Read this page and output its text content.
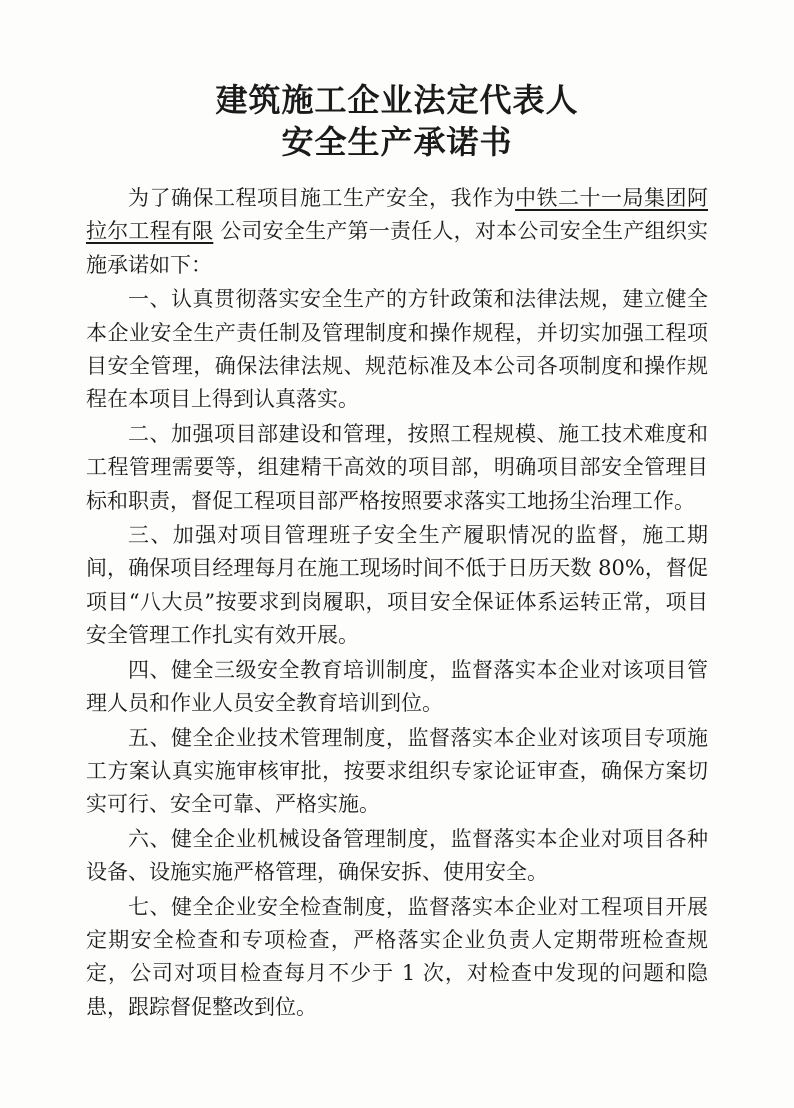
建筑施工企业法定代表人
安全生产承诺书

为了确保工程项目施工生产安全，我作为中铁二十一局集团阿拉尔工程有限 公司安全生产第一责任人，对本公司安全生产组织实施承诺如下：

一、认真贯彻落实安全生产的方针政策和法律法规，建立健全本企业安全生产责任制及管理制度和操作规程，并切实加强工程项目安全管理，确保法律法规、规范标准及本公司各项制度和操作规程在本项目上得到认真落实。

二、加强项目部建设和管理，按照工程规模、施工技术难度和工程管理需要等，组建精干高效的项目部，明确项目部安全管理目标和职责，督促工程项目部严格按照要求落实工地扬尘治理工作。

三、加强对项目管理班子安全生产履职情况的监督，施工期间，确保项目经理每月在施工现场时间不低于日历天数 80%，督促项目“八大员”按要求到岗履职，项目安全保证体系运转正常，项目安全管理工作扎实有效开展。

四、健全三级安全教育培训制度，监督落实本企业对该项目管理人员和作业人员安全教育培训到位。

五、健全企业技术管理制度，监督落实本企业对该项目专项施工方案认真实施审核审批，按要求组织专家论证审查，确保方案切实可行、安全可靠、严格实施。

六、健全企业机械设备管理制度，监督落实本企业对项目各种设备、设施实施严格管理，确保安拆、使用安全。

七、健全企业安全检查制度，监督落实本企业对工程项目开展定期安全检查和专项检查，严格落实企业负责人定期带班检查规定，公司对项目检查每月不少于 1 次，对检查中发现的问题和隐患，跟踪督促整改到位。
